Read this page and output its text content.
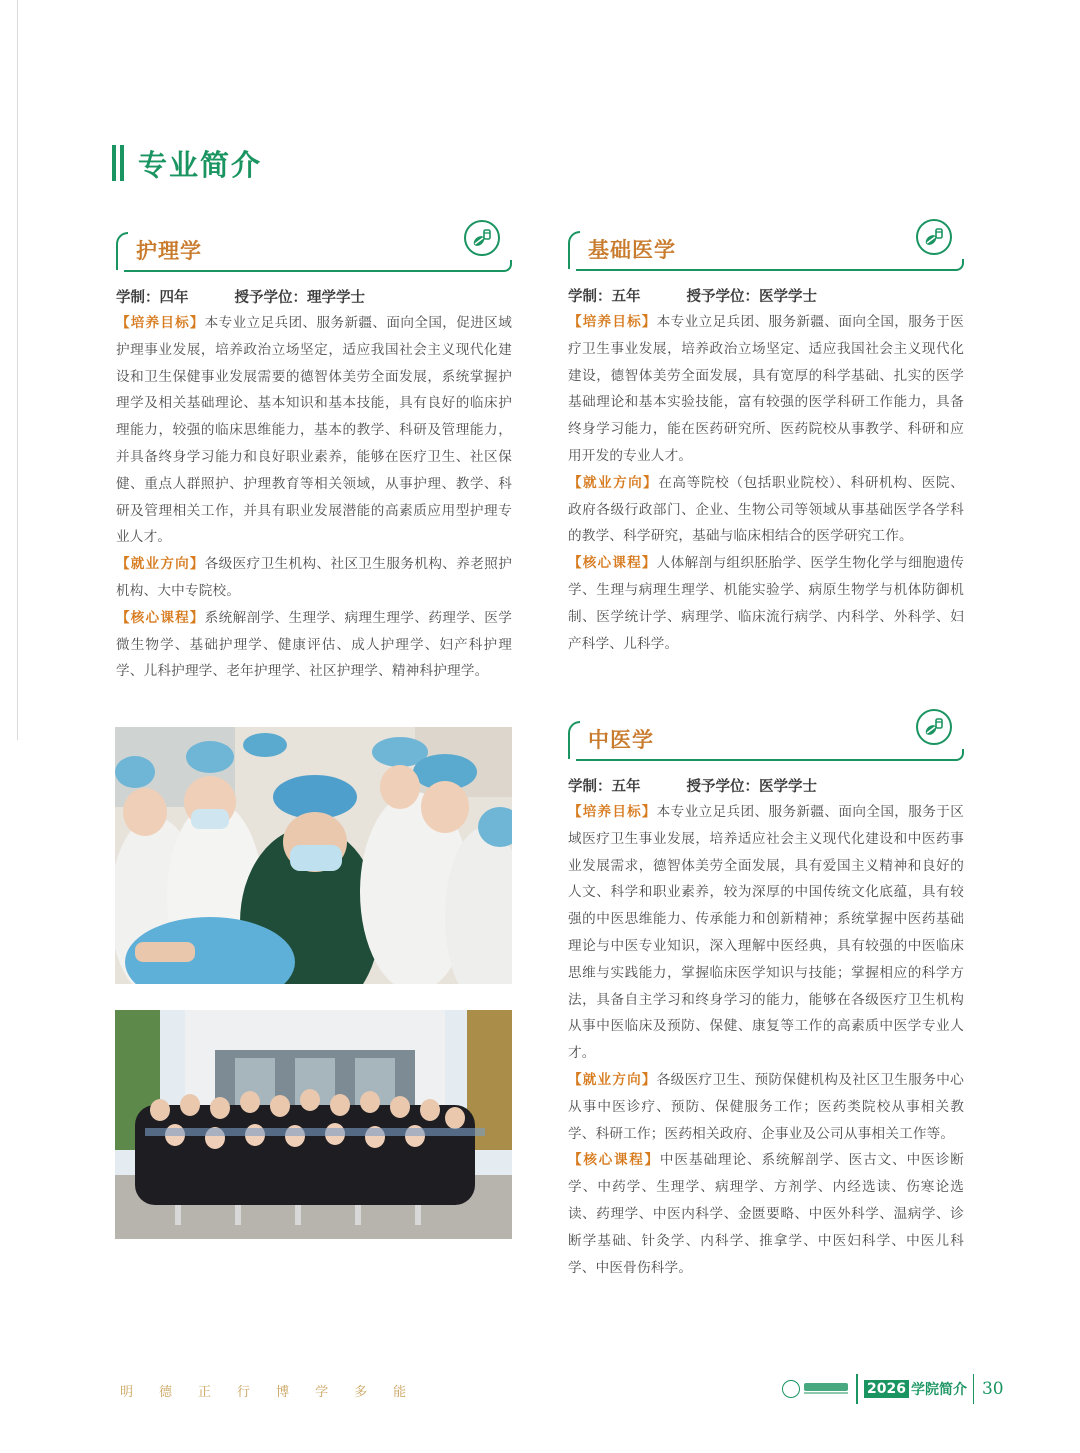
专业简介
护理学
学制：四年	授予学位：理学学士

【培养目标】本专业立足兵团、服务新疆、面向全国，促进区域护理事业发展，培养政治立场坚定，适应我国社会主义现代化建设和卫生保健事业发展需要的德智体美劳全面发展，系统掌握护理学及相关基础理论、基本知识和基本技能，具有良好的临床护理能力，较强的临床思维能力，基本的教学、科研及管理能力，并具备终身学习能力和良好职业素养，能够在医疗卫生、社区保健、重点人群照护、护理教育等相关领域，从事护理、教学、科研及管理相关工作，并具有职业发展潜能的高素质应用型护理专业人才。

【就业方向】各级医疗卫生机构、社区卫生服务机构、养老照护机构、大中专院校。

【核心课程】系统解剖学、生理学、病理生理学、药理学、医学微生物学、基础护理学、健康评估、成人护理学、妇产科护理学、儿科护理学、老年护理学、社区护理学、精神科护理学。

基础医学
学制：五年	授予学位：医学学士

【培养目标】本专业立足兵团、服务新疆、面向全国，服务于医疗卫生事业发展，培养政治立场坚定、适应我国社会主义现代化建设，德智体美劳全面发展，具有宽厚的科学基础、扎实的医学基础理论和基本实验技能，富有较强的医学科研工作能力，具备终身学习能力，能在医药研究所、医药院校从事教学、科研和应用开发的专业人才。

【就业方向】在高等院校（包括职业院校）、科研机构、医院、政府各级行政部门、企业、生物公司等领域从事基础医学各学科的教学、科学研究，基础与临床相结合的医学研究工作。

【核心课程】人体解剖与组织胚胎学、医学生物化学与细胞遗传学、生理与病理生理学、机能实验学、病原生物学与机体防御机制、医学统计学、病理学、临床流行病学、内科学、外科学、妇产科学、儿科学。

中医学
学制：五年	授予学位：医学学士

【培养目标】本专业立足兵团、服务新疆、面向全国，服务于区域医疗卫生事业发展，培养适应社会主义现代化建设和中医药事业发展需求，德智体美劳全面发展，具有爱国主义精神和良好的人文、科学和职业素养，较为深厚的中国传统文化底蕴，具有较强的中医思维能力、传承能力和创新精神；系统掌握中医药基础理论与中医专业知识，深入理解中医经典，具有较强的中医临床思维与实践能力，掌握临床医学知识与技能；掌握相应的科学方法，具备自主学习和终身学习的能力，能够在各级医疗卫生机构从事中医临床及预防、保健、康复等工作的高素质中医学专业人才。

【就业方向】各级医疗卫生、预防保健机构及社区卫生服务中心从事中医诊疗、预防、保健服务工作；医药类院校从事相关教学、科研工作；医药相关政府、企事业及公司从事相关工作等。

【核心课程】中医基础理论、系统解剖学、医古文、中医诊断学、中药学、生理学、病理学、方剂学、内经选读、伤寒论选读、药理学、中医内科学、金匮要略、中医外科学、温病学、诊断学基础、针灸学、内科学、推拿学、中医妇科学、中医儿科学、中医骨伤科学。

明 德 正 行 博 学 多 能	2026 学院简介 30
